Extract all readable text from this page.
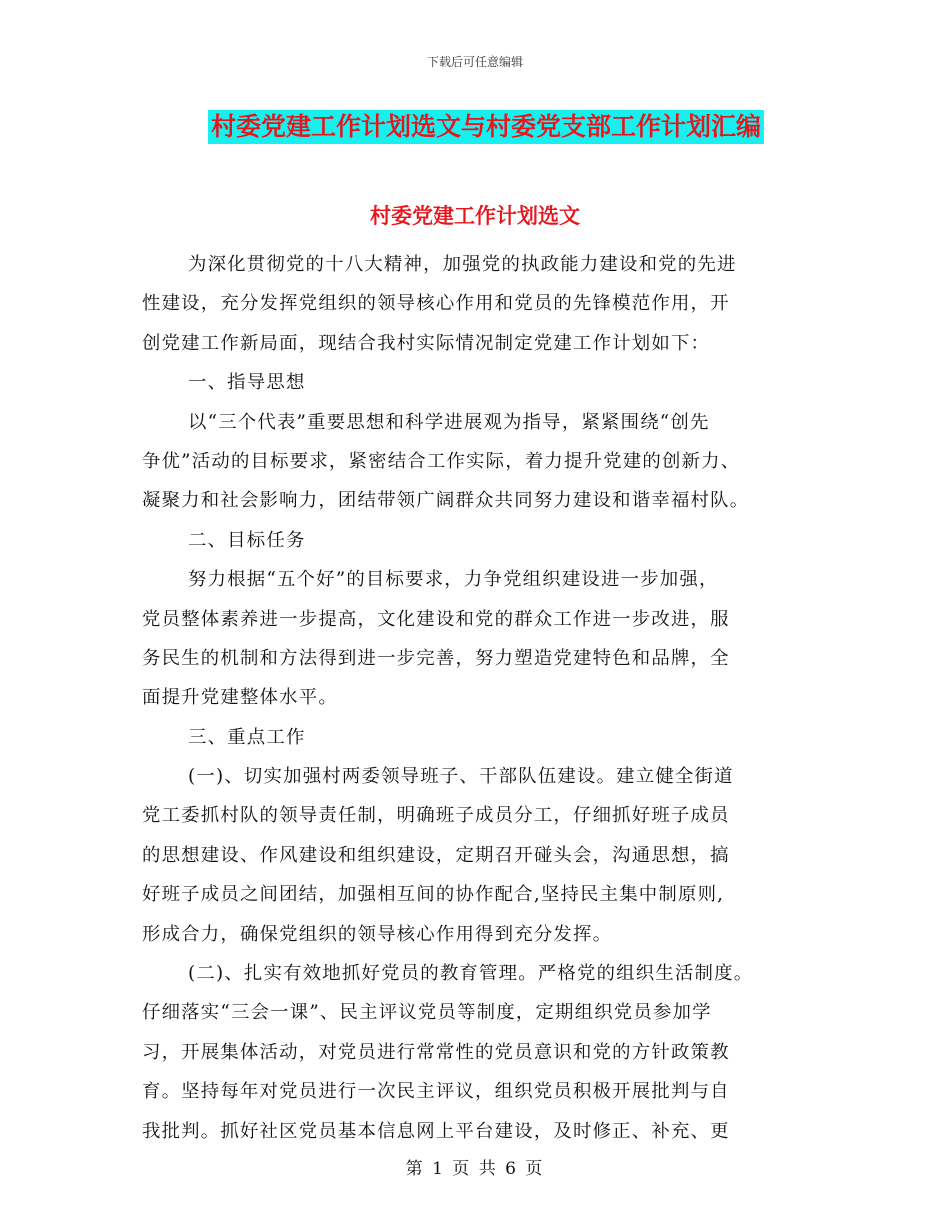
下载后可任意编辑
村委党建工作计划选文与村委党支部工作计划汇编
村委党建工作计划选文
为深化贯彻党的十八大精神，加强党的执政能力建设和党的先进
性建设，充分发挥党组织的领导核心作用和党员的先锋模范作用，开
创党建工作新局面，现结合我村实际情况制定党建工作计划如下：
一、指导思想
以“三个代表”重要思想和科学进展观为指导，紧紧围绕“创先
争优”活动的目标要求，紧密结合工作实际，着力提升党建的创新力、
凝聚力和社会影响力，团结带领广阔群众共同努力建设和谐幸福村队。
二、目标任务
努力根据“五个好”的目标要求，力争党组织建设进一步加强，
党员整体素养进一步提高，文化建设和党的群众工作进一步改进，服
务民生的机制和方法得到进一步完善，努力塑造党建特色和品牌，全
面提升党建整体水平。
三、重点工作
(一)、切实加强村两委领导班子、干部队伍建设。建立健全街道
党工委抓村队的领导责任制，明确班子成员分工，仔细抓好班子成员
的思想建设、作风建设和组织建设，定期召开碰头会，沟通思想，搞
好班子成员之间团结，加强相互间的协作配合,坚持民主集中制原则,
形成合力，确保党组织的领导核心作用得到充分发挥。
(二)、扎实有效地抓好党员的教育管理。严格党的组织生活制度。
仔细落实“三会一课”、民主评议党员等制度，定期组织党员参加学
习，开展集体活动，对党员进行常常性的党员意识和党的方针政策教
育。坚持每年对党员进行一次民主评议，组织党员积极开展批判与自
我批判。抓好社区党员基本信息网上平台建设，及时修正、补充、更
第 1 页 共 6 页
